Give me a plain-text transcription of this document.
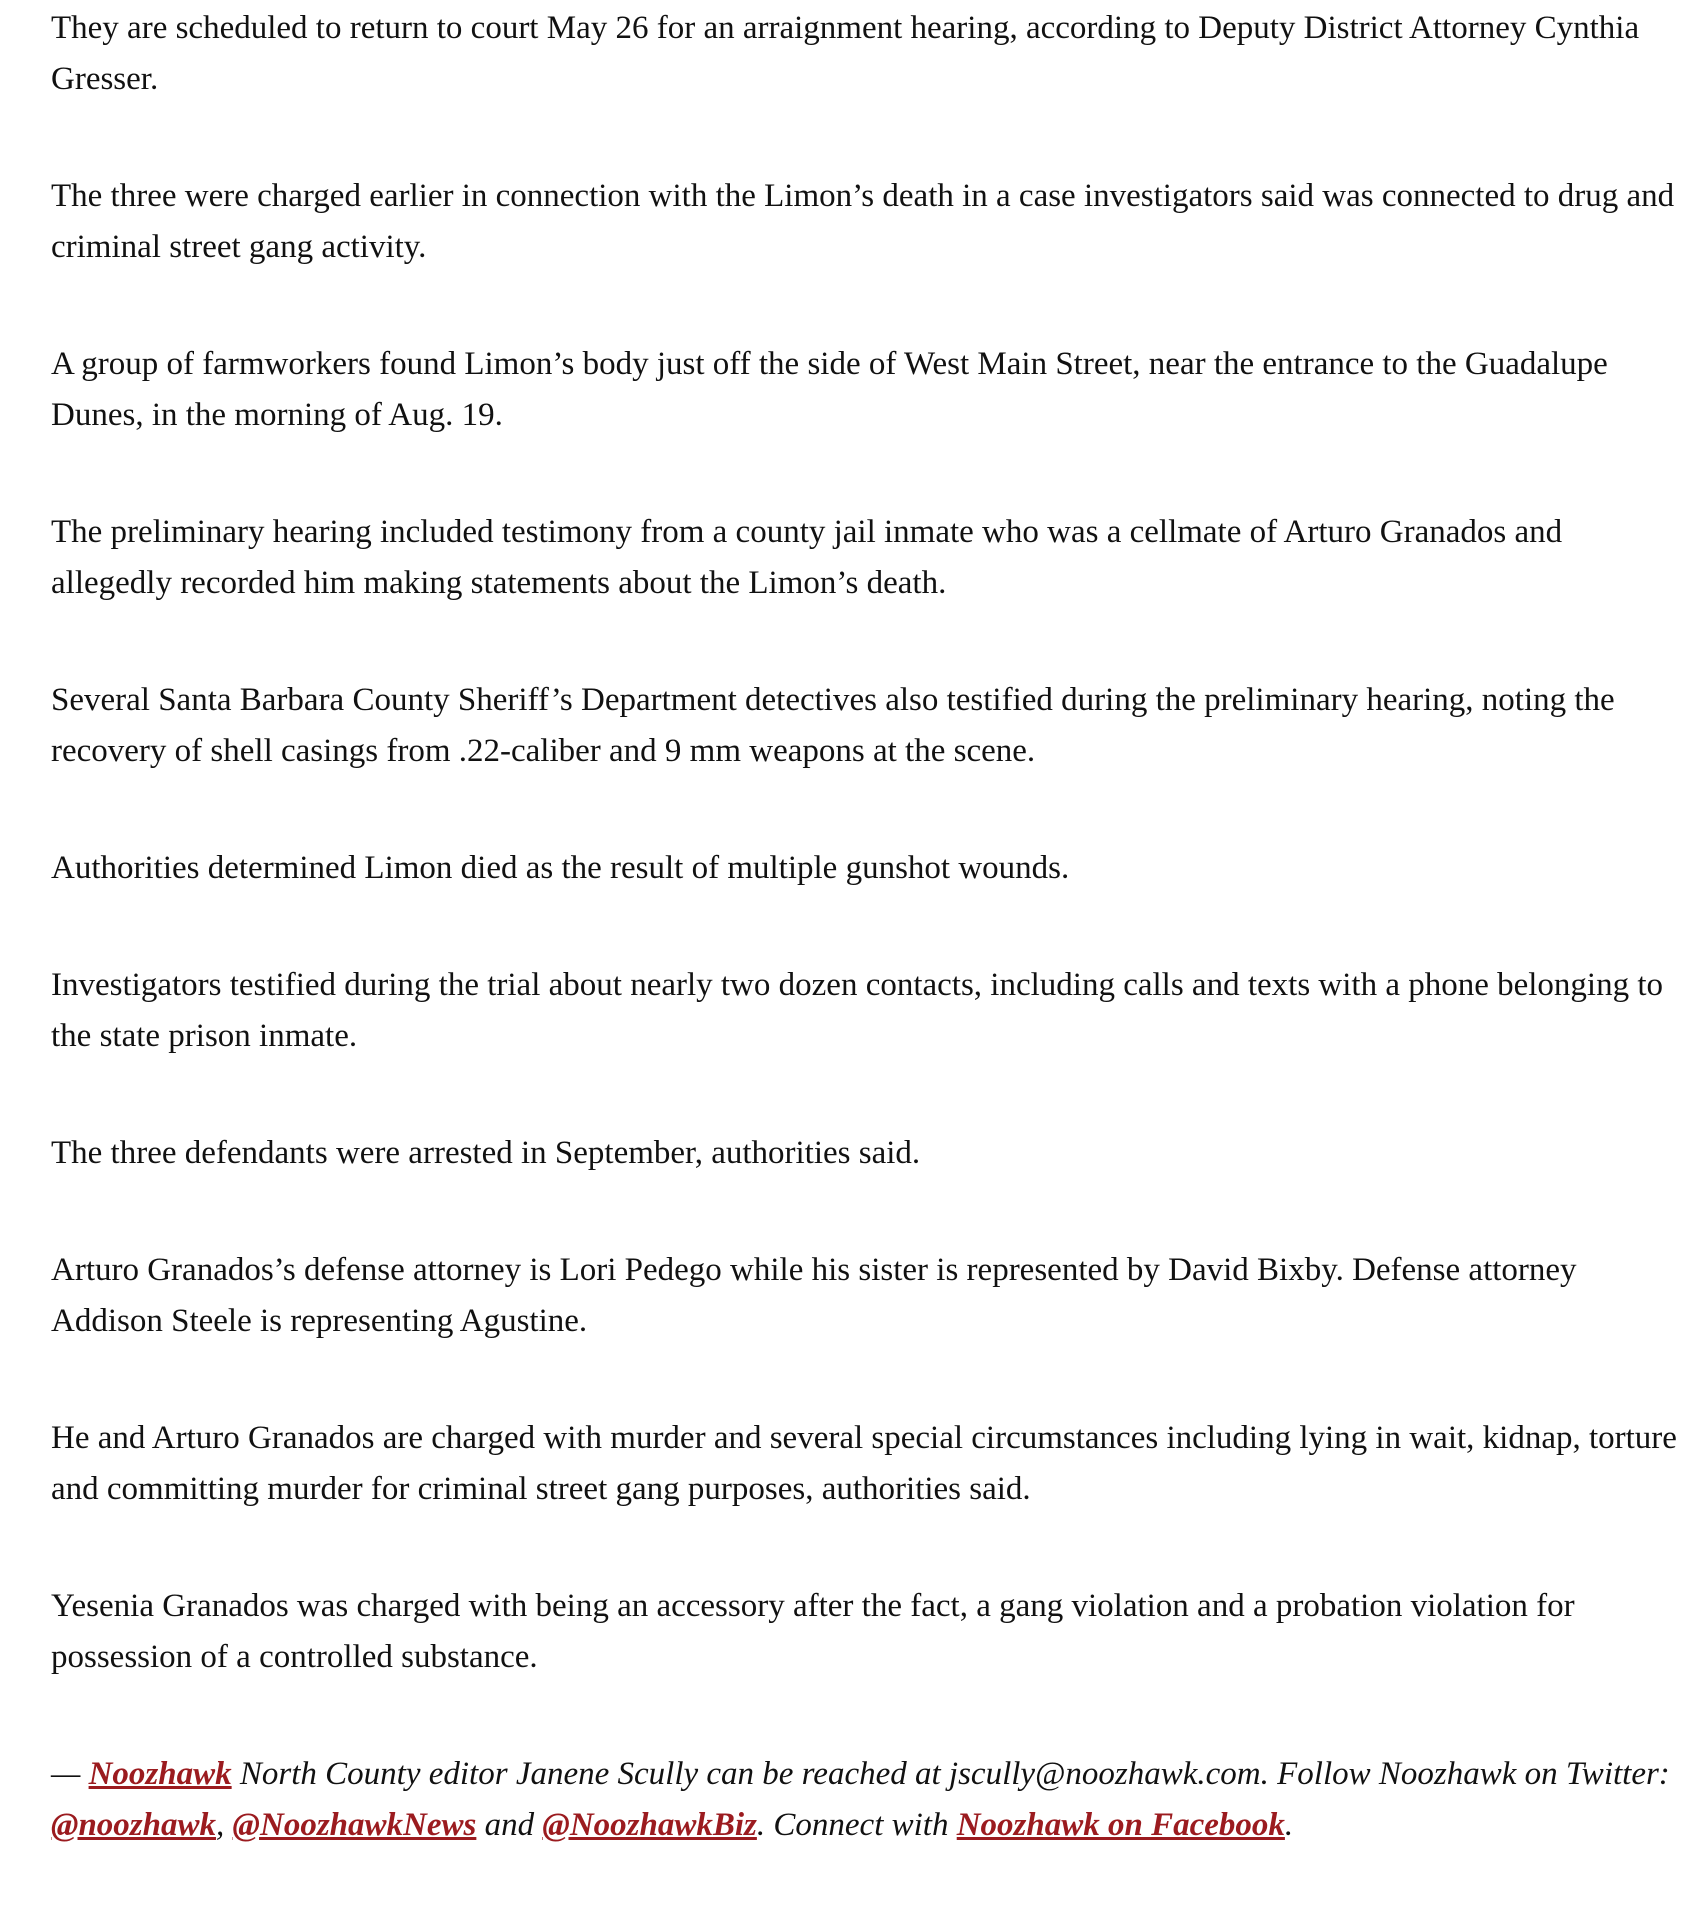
They are scheduled to return to court May 26 for an arraignment hearing, according to Deputy District Attorney Cynthia Gresser.

The three were charged earlier in connection with the Limon’s death in a case investigators said was connected to drug and criminal street gang activity.

A group of farmworkers found Limon’s body just off the side of West Main Street, near the entrance to the Guadalupe Dunes, in the morning of Aug. 19.

The preliminary hearing included testimony from a county jail inmate who was a cellmate of Arturo Granados and allegedly recorded him making statements about the Limon’s death.

Several Santa Barbara County Sheriff’s Department detectives also testified during the preliminary hearing, noting the recovery of shell casings from .22-caliber and 9 mm weapons at the scene.

Authorities determined Limon died as the result of multiple gunshot wounds.

Investigators testified during the trial about nearly two dozen contacts, including calls and texts with a phone belonging to the state prison inmate.

The three defendants were arrested in September, authorities said.

Arturo Granados’s defense attorney is Lori Pedego while his sister is represented by David Bixby. Defense attorney Addison Steele is representing Agustine.

He and Arturo Granados are charged with murder and several special circumstances including lying in wait, kidnap, torture and committing murder for criminal street gang purposes, authorities said.

Yesenia Granados was charged with being an accessory after the fact, a gang violation and a probation violation for possession of a controlled substance.

— Noozhawk North County editor Janene Scully can be reached at jscully@noozhawk.com. Follow Noozhawk on Twitter: @noozhawk, @NoozhawkNews and @NoozhawkBiz. Connect with Noozhawk on Facebook.
